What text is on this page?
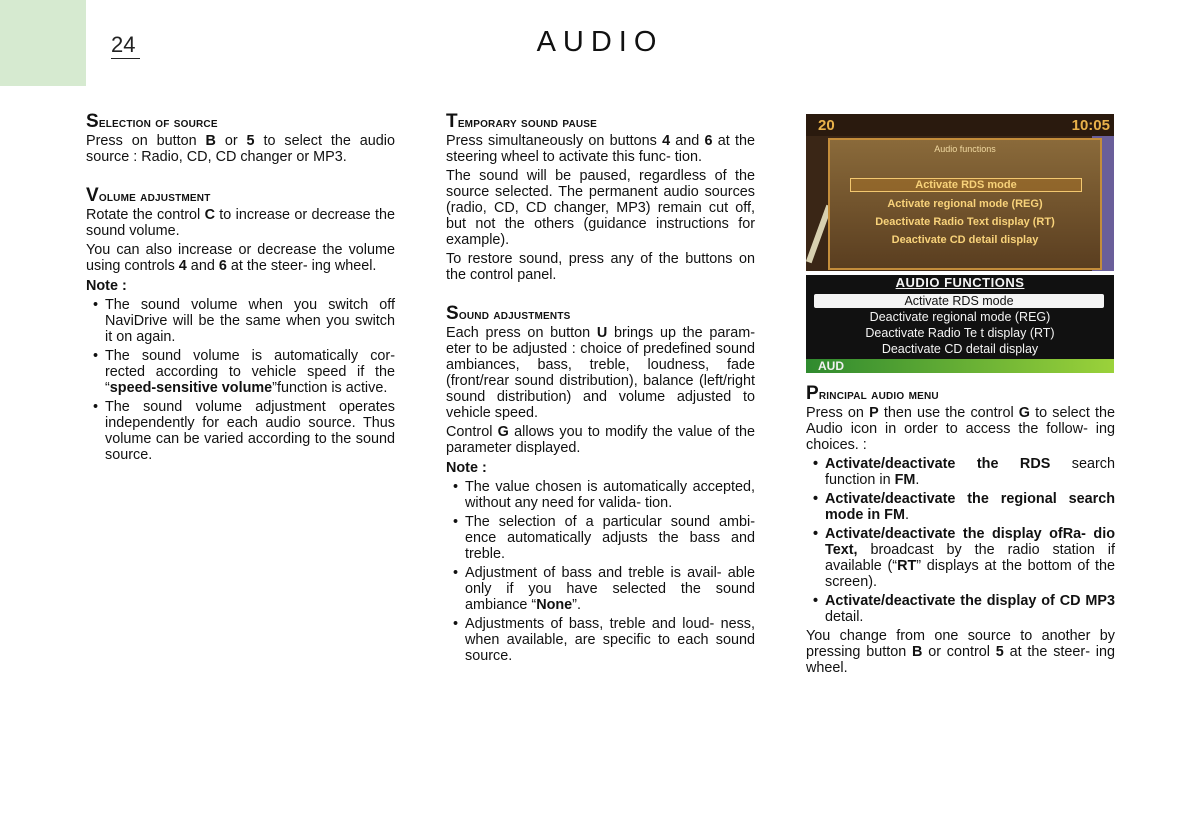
24	AUDIO
Selection of source

Press on button B or 5 to select the audio source : Radio, CD, CD changer or MP3.

Volume adjustment

Rotate the control C to increase or decrease the sound volume.

You can also increase or decrease the volume using controls 4 and 6 at the steer- ing wheel.

Note :

• The sound volume when you switch off NaviDrive will be the same when you switch it on again.
• The sound volume is automatically cor- rected according to vehicle speed if the “speed-sensitive volume”function is active.
• The sound volume adjustment operates independently for each audio source. Thus volume can be varied according to the sound source.
Temporary sound pause

Press simultaneously on buttons 4 and 6 at the steering wheel to activate this func- tion.

The sound will be paused, regardless of the source selected. The permanent audio sources (radio, CD, CD changer, MP3) remain cut off, but not the others (guidance instructions for example).

To restore sound, press any of the buttons on the control panel.

Sound adjustments

Each press on button U brings up the param- eter to be adjusted : choice of predefined sound ambiances, bass, treble, loudness, fade (front/rear sound distribution), balance (left/right sound distribution) and volume adjusted to vehicle speed.

Control G allows you to modify the value of the parameter displayed.

Note :

• The value chosen is automatically accepted, without any need for valida- tion.
• The selection of a particular sound ambi- ence automatically adjusts the bass and treble.
• Adjustment of bass and treble is avail- able only if you have selected the sound ambiance “None”.
• Adjustments of bass, treble and loud- ness, when available, are specific to each sound source.
20	10:05
Audio functions
Activate RDS mode
Activate regional mode (REG)
Deactivate Radio Text display (RT)
Deactivate CD detail display
AUDIO FUNCTIONS
Activate RDS mode
Deactivate regional mode (REG)
Deactivate Radio Te t display (RT)
Deactivate CD detail display
AUD
Principal audio menu

Press on P then use the control G to select the Audio icon in order to access the follow- ing choices. :

• Activate/deactivate the RDS search function in FM.
• Activate/deactivate the regional search mode in FM.
• Activate/deactivate the display ofRa- dio Text, broadcast by the radio station if available (“RT” displays at the bottom of the screen).
• Activate/deactivate the display of CD MP3 detail.

You change from one source to another by pressing button B or control 5 at the steer- ing wheel.
